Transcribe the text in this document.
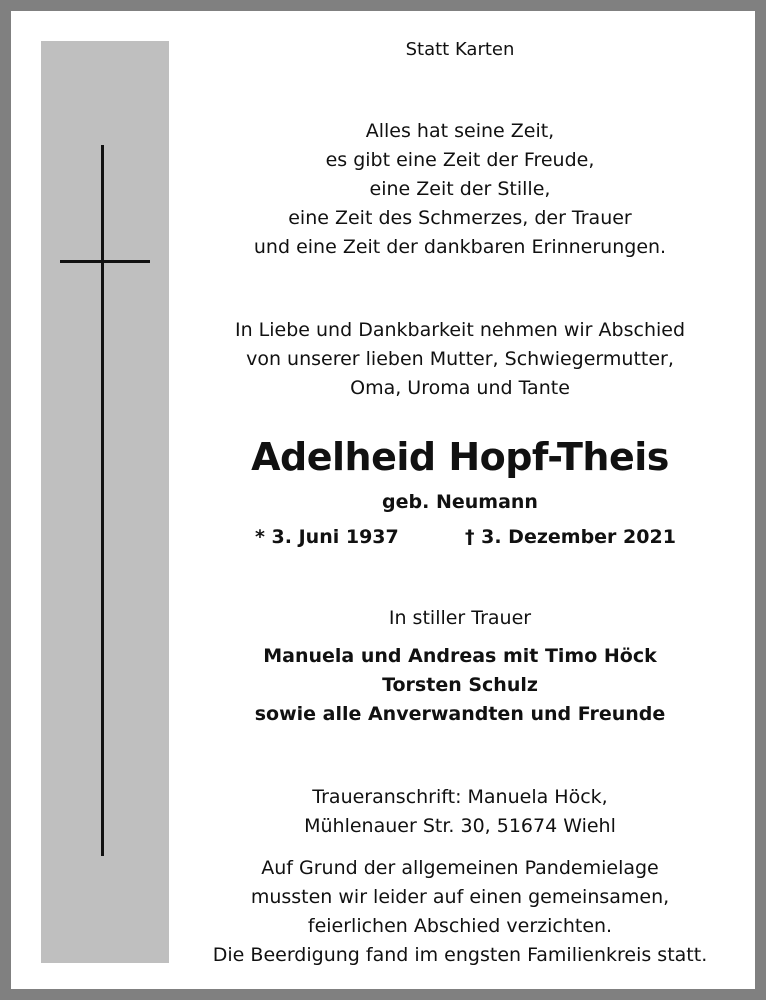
Statt Karten
Alles hat seine Zeit,
es gibt eine Zeit der Freude,
eine Zeit der Stille,
eine Zeit des Schmerzes, der Trauer
und eine Zeit der dankbaren Erinnerungen.
In Liebe und Dankbarkeit nehmen wir Abschied
von unserer lieben Mutter, Schwiegermutter,
Oma, Uroma und Tante
Adelheid Hopf-Theis
geb. Neumann
In stiller Trauer
Manuela und Andreas mit Timo Höck
Torsten Schulz
sowie alle Anverwandten und Freunde
Traueranschrift: Manuela Höck,
Mühlenauer Str. 30, 51674 Wiehl
Auf Grund der allgemeinen Pandemielage
mussten wir leider auf einen gemeinsamen,
feierlichen Abschied verzichten.
Die Beerdigung fand im engsten Familienkreis statt.
* 3. Juni 1937	† 3. Dezember 2021
